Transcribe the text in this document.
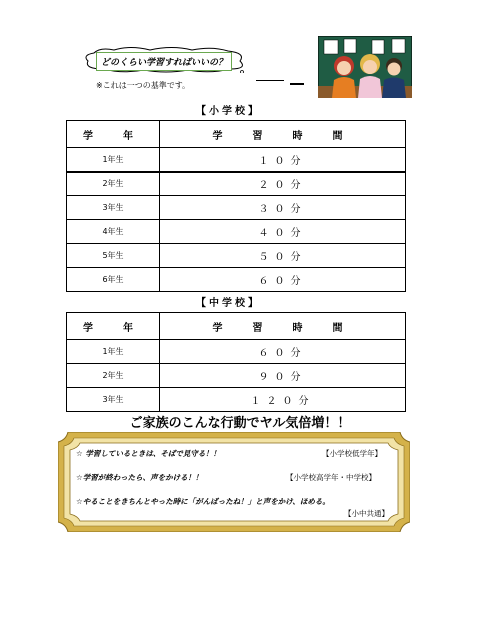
どのくらい学習すればいいの？
※これは一つの基準です。
【小学校】
学　年	学　習　時　間
1年生	１０分
2年生	２０分
3年生	３０分
4年生	４０分
5年生	５０分
6年生	６０分
【中学校】
学　年	学　習　時　間
1年生	６０分
2年生	９０分
3年生	１２０分
ご家族のこんな行動でヤル気倍増！！
☆ 学習しているときは、そばで見守る！！	【小学校低学年】
☆学習が終わったら、声をかける！！	【小学校高学年・中学校】
☆やることをきちんとやった時に「がんばったね！」と声をかけ、ほめる。
【小中共通】
